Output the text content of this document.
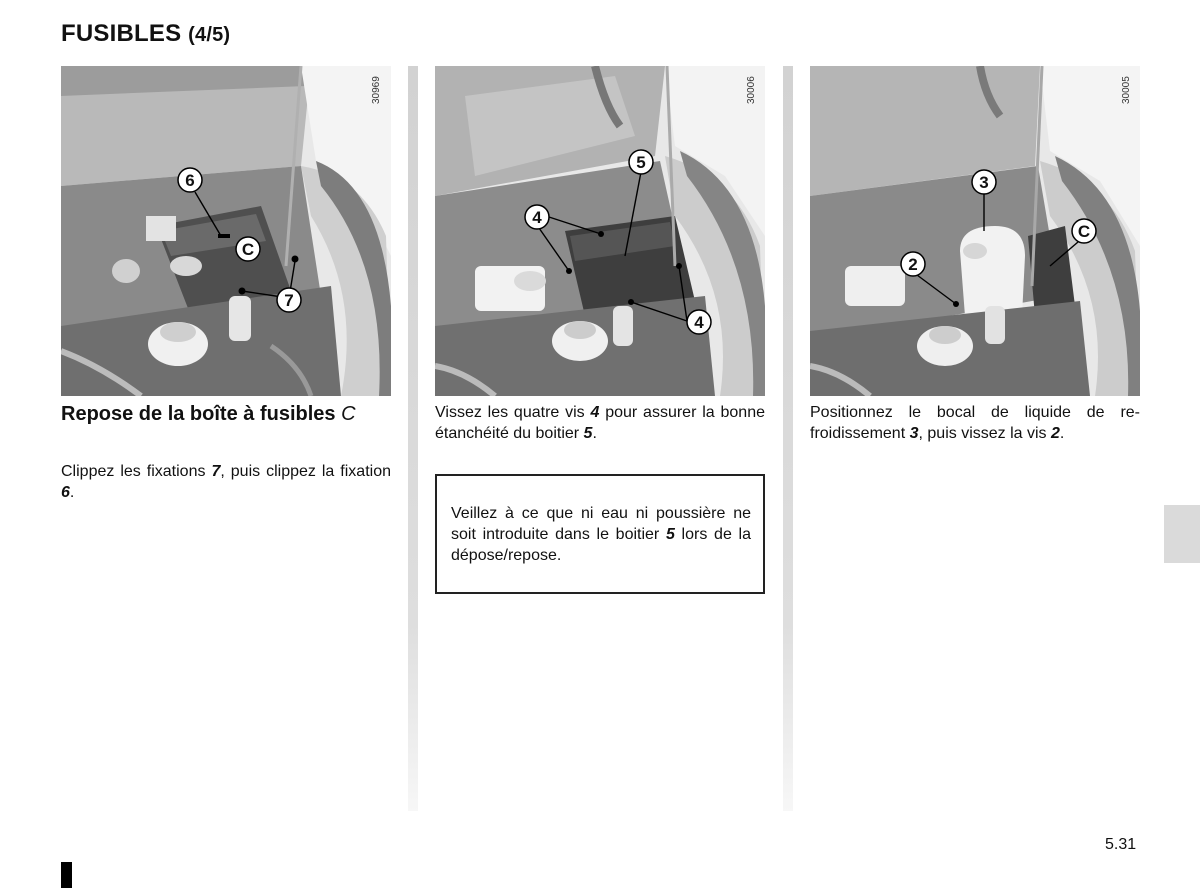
FUSIBLES (4/5)
6
C
7
30969
Repose de la boîte à fusibles C
Clippez les fixations 7, puis clippez la fixation 6.
5
4
4
30006
Vissez les quatre vis 4 pour assurer la bonne étanchéité du boitier 5.
Veillez à ce que ni eau ni poussière ne soit introduite dans le boitier 5 lors de la dépose/repose.
3
C
2
30005
Positionnez le bocal de liquide de re-froidissement 3, puis vissez la vis 2.
5.31
